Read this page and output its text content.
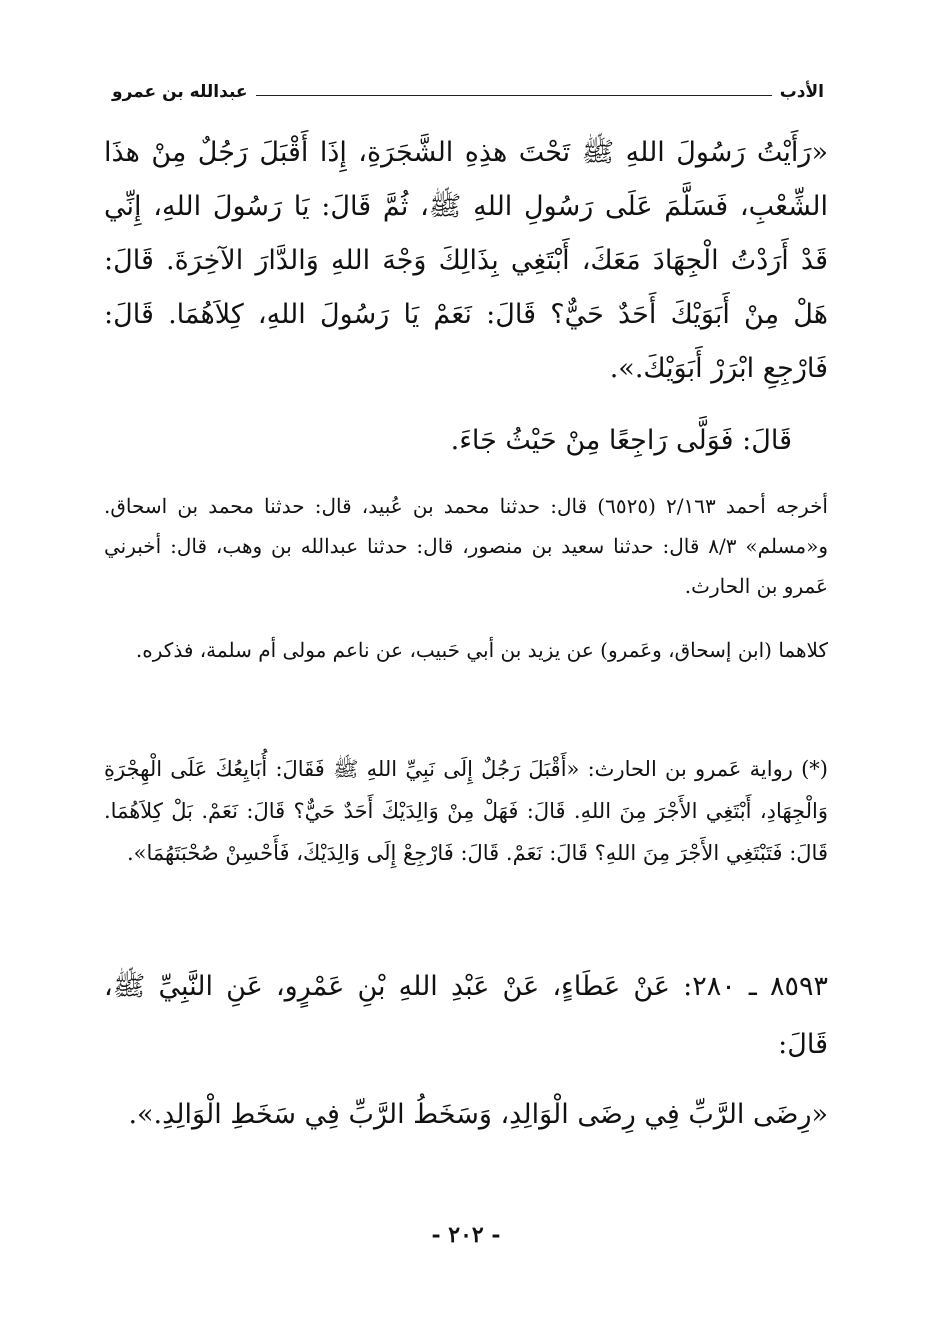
الأدب
عبدالله بن عمرو

«رَأَيْتُ رَسُولَ اللهِ ﷺ تَحْتَ هذِهِ الشَّجَرَةِ، إِذَا أَقْبَلَ رَجُلٌ مِنْ هذَا الشِّعْبِ، فَسَلَّمَ عَلَى رَسُولِ اللهِ ﷺ، ثُمَّ قَالَ: يَا رَسُولَ اللهِ، إِنِّي قَدْ أَرَدْتُ الْجِهَادَ مَعَكَ، أَبْتَغِي بِذَالِكَ وَجْهَ اللهِ وَالدَّارَ الآخِرَةَ. قَالَ: هَلْ مِنْ أَبَوَيْكَ أَحَدٌ حَيٌّ؟ قَالَ: نَعَمْ يَا رَسُولَ اللهِ، كِلاَهُمَا. قَالَ: فَارْجِعِ ابْرَرْ أَبَوَيْكَ.».

قَالَ: فَوَلَّى رَاجِعًا مِنْ حَيْثُ جَاءَ.

أخرجه أحمد ٢/١٦٣ (٦٥٢٥) قال: حدثنا محمد بن عُبيد، قال: حدثنا محمد بن اسحاق. و«مسلم» ٨/٣ قال: حدثنا سعيد بن منصور، قال: حدثنا عبدالله بن وهب، قال: أخبرني عَمرو بن الحارث.

كلاهما (ابن إسحاق، وعَمرو) عن يزيد بن أبي حَبيب، عن ناعم مولى أم سلمة، فذكره.

(*) رواية عَمرو بن الحارث: «أَقْبَلَ رَجُلٌ إِلَى نَبِيِّ اللهِ ﷺ فَقَالَ: أُبَايِعُكَ عَلَى الْهِجْرَةِ وَالْجِهَادِ، أَبْتَغِي الأَجْرَ مِنَ اللهِ. قَالَ: فَهَلْ مِنْ وَالِدَيْكَ أَحَدٌ حَيٌّ؟ قَالَ: نَعَمْ. بَلْ كِلاَهُمَا. قَالَ: فَتَبْتَغِي الأَجْرَ مِنَ اللهِ؟ قَالَ: نَعَمْ. قَالَ: فَارْجِعْ إِلَى وَالِدَيْكَ، فَأَحْسِنْ صُحْبَتَهُمَا».

٨٥٩٣ ـ ٢٨٠: عَنْ عَطَاءٍ، عَنْ عَبْدِ اللهِ بْنِ عَمْرٍو، عَنِ النَّبِيِّ ﷺ، قَالَ:

«رِضَى الرَّبِّ فِي رِضَى الْوَالِدِ، وَسَخَطُ الرَّبِّ فِي سَخَطِ الْوَالِدِ.».

- ٢٠٢ -
